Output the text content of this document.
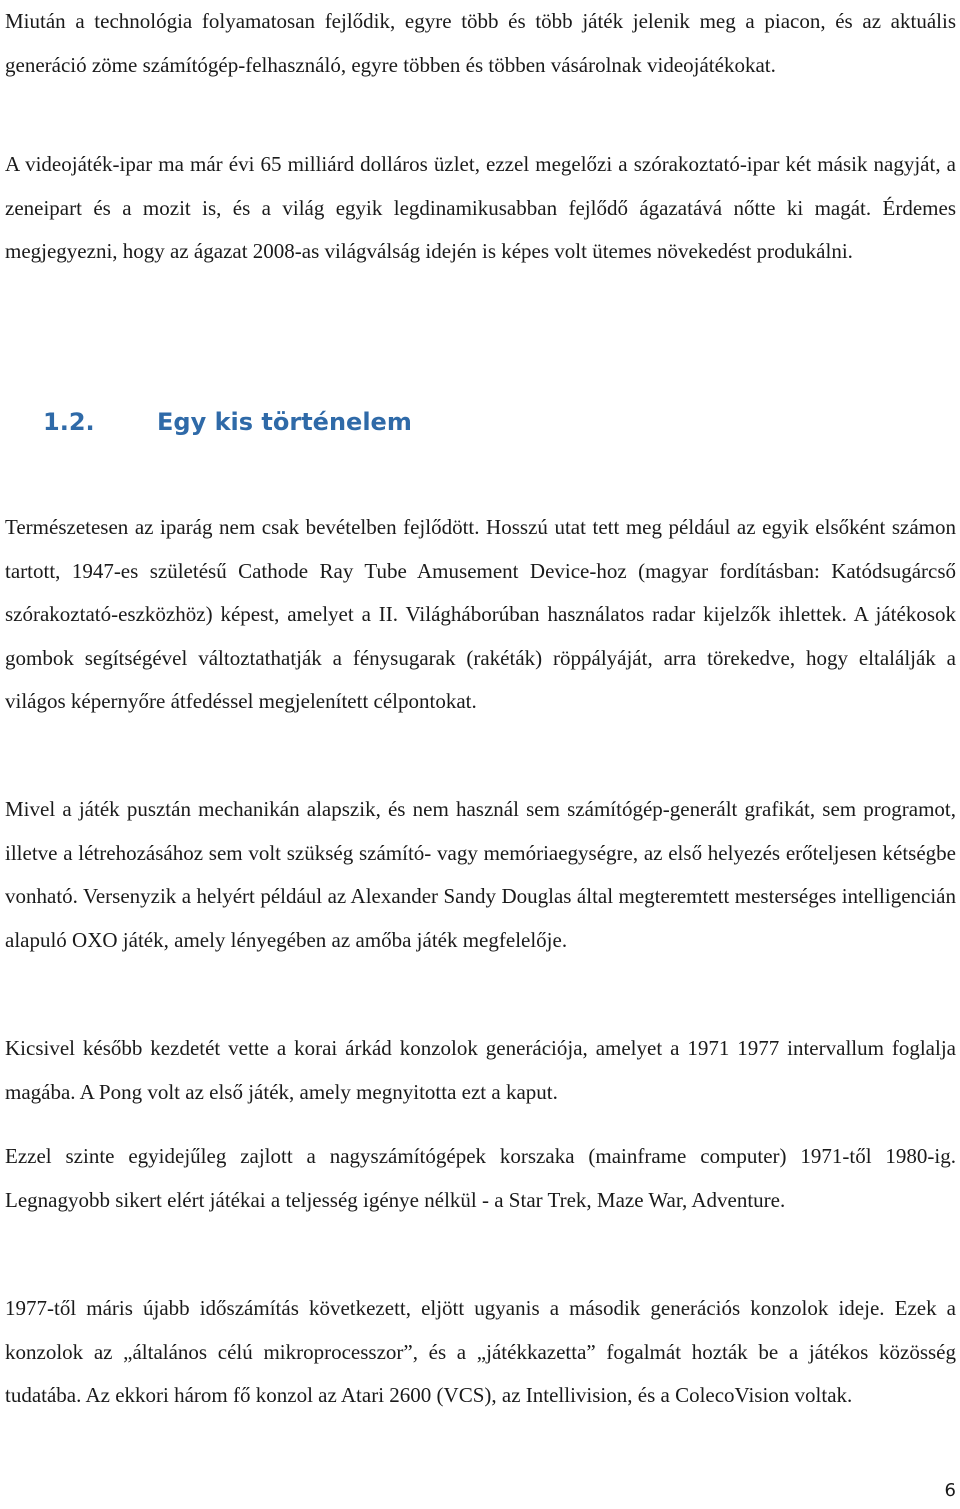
Miután a technológia folyamatosan fejlődik, egyre több és több játék jelenik meg a piacon, és az aktuális generáció zöme számítógép-felhasználó, egyre többen és többen vásárolnak videojátékokat.

A videojáték-ipar ma már évi 65 milliárd dolláros üzlet, ezzel megelőzi a szórakoztató-ipar két másik nagyját, a zeneipart és a mozit is, és a világ egyik legdinamikusabban fejlődő ágazatává nőtte ki magát. Érdemes megjegyezni, hogy az ágazat 2008-as világválság idején is képes volt ütemes növekedést produkálni.

1.2.	Egy kis történelem

Természetesen az iparág nem csak bevételben fejlődött. Hosszú utat tett meg például az egyik elsőként számon tartott, 1947-es születésű Cathode Ray Tube Amusement Device-hoz (magyar fordításban: Katódsugárcső szórakoztató-eszközhöz) képest, amelyet a II. Világháborúban használatos radar kijelzők ihlettek. A játékosok gombok segítségével változtathatják a fénysugarak (rakéták) röppályáját, arra törekedve, hogy eltalálják a világos képernyőre átfedéssel megjelenített célpontokat.

Mivel a játék pusztán mechanikán alapszik, és nem használ sem számítógép-generált grafikát, sem programot, illetve a létrehozásához sem volt szükség számító- vagy memóriaegységre, az első helyezés erőteljesen kétségbe vonható. Versenyzik a helyért például az Alexander Sandy Douglas által megteremtett mesterséges intelligencián alapuló OXO játék, amely lényegében az amőba játék megfelelője.

Kicsivel később kezdetét vette a korai árkád konzolok generációja, amelyet a 1971 1977 intervallum foglalja magába. A Pong volt az első játék, amely megnyitotta ezt a kaput.

Ezzel szinte egyidejűleg zajlott a nagyszámítógépek korszaka (mainframe computer) 1971-től 1980-ig. Legnagyobb sikert elért játékai a teljesség igénye nélkül - a Star Trek, Maze War, Adventure.

1977-től máris újabb időszámítás következett, eljött ugyanis a második generációs konzolok ideje. Ezek a konzolok az „általános célú mikroprocesszor”, és a „játékkazetta” fogalmát hozták be a játékos közösség tudatába. Az ekkori három fő konzol az Atari 2600 (VCS), az Intellivision, és a ColecoVision voltak.

6
